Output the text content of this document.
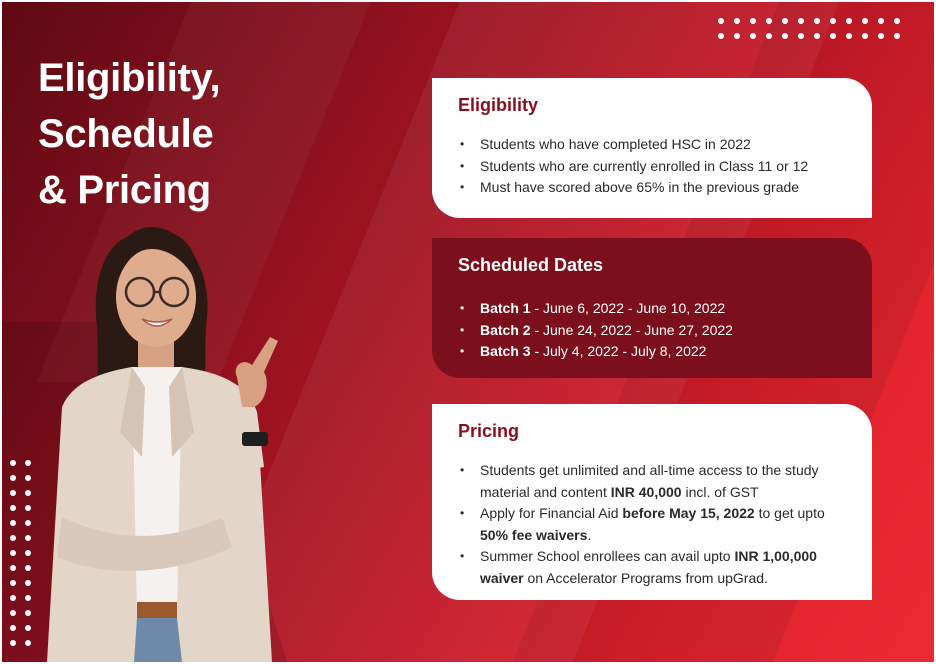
Eligibility,
Schedule
& Pricing
Eligibility
• Students who have completed HSC in 2022
• Students who are currently enrolled in Class 11 or 12
• Must have scored above 65% in the previous grade
Scheduled Dates
• Batch 1 - June 6, 2022 - June 10, 2022
• Batch 2 - June 24, 2022 - June 27, 2022
• Batch 3 - July 4, 2022 - July 8, 2022
Pricing
• Students get unlimited and all-time access to the study material and content INR 40,000 incl. of GST
• Apply for Financial Aid before May 15, 2022 to get upto 50% fee waivers.
• Summer School enrollees can avail upto INR 1,00,000 waiver on Accelerator Programs from upGrad.
